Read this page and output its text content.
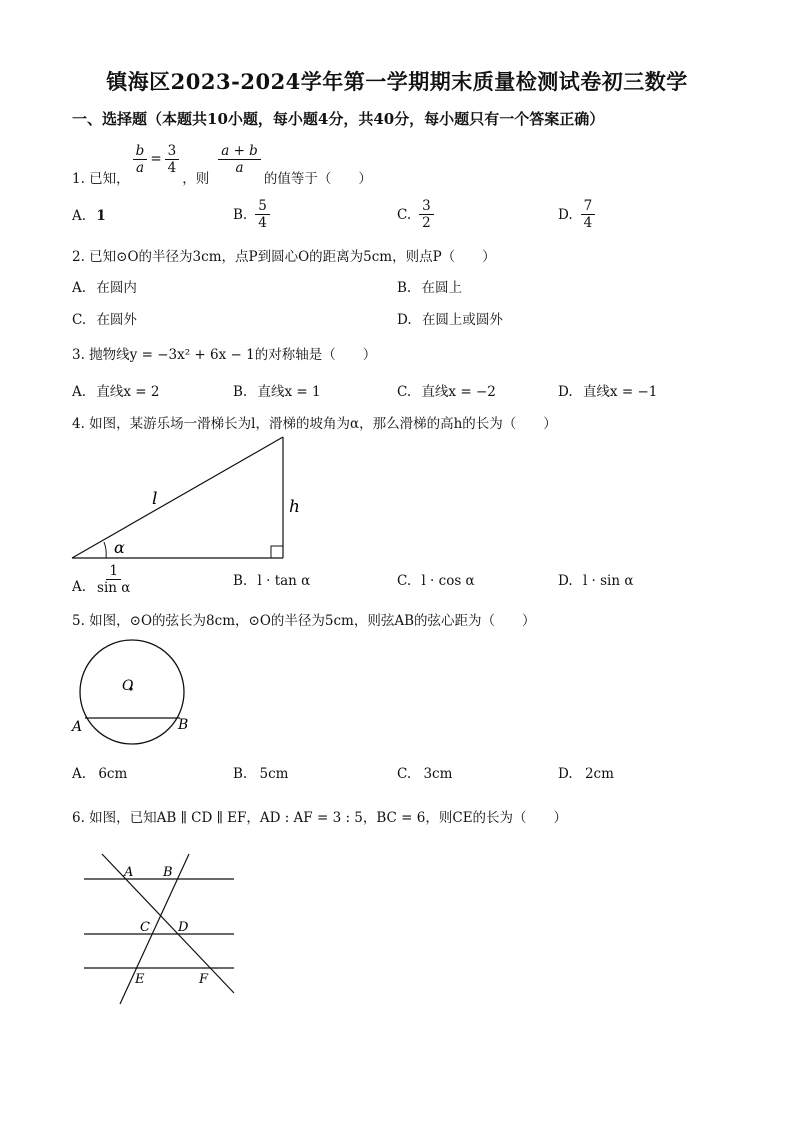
镇海区2023-2024学年第一学期期末质量检测试卷初三数学
一、选择题（本题共10小题，每小题4分，共40分，每小题只有一个答案正确）
1. 已知，
$\frac{b}{a} = \frac{3}{4}$
，则
$\frac{a + b}{a}$
的值等于（　　）
A. 1	B. $\frac{5}{4}$	C. $\frac{3}{2}$	D. $\frac{7}{4}$
2. 已知⊙O的半径为3cm，点P到圆心O的距离为5cm，则点P（　　）
A. 在圆内	B. 在圆上
C. 在圆外	D. 在圆上或圆外
3. 抛物线y = −3x² + 6x − 1的对称轴是（　　）
A. 直线x = 2	B. 直线x = 1	C. 直线x = −2	D. 直线x = −1
4. 如图，某游乐场一滑梯长为l，滑梯的坡角为α，那么滑梯的高h的长为（　　）
l	h
α
A. $\frac{1}{\text{sin α}}$	B. l · tan α	C. l · cos α	D. l · sin α
5. 如图，⊙O的弦长为8cm，⊙O的半径为5cm，则弦AB的弦心距为（　　）
O
A	B
A. 6cm	B. 5cm	C. 3cm	D. 2cm
6. 如图，已知AB ∥ CD ∥ EF，AD : AF = 3 : 5，BC = 6，则CE的长为（　　）
A B
C D
E	F
